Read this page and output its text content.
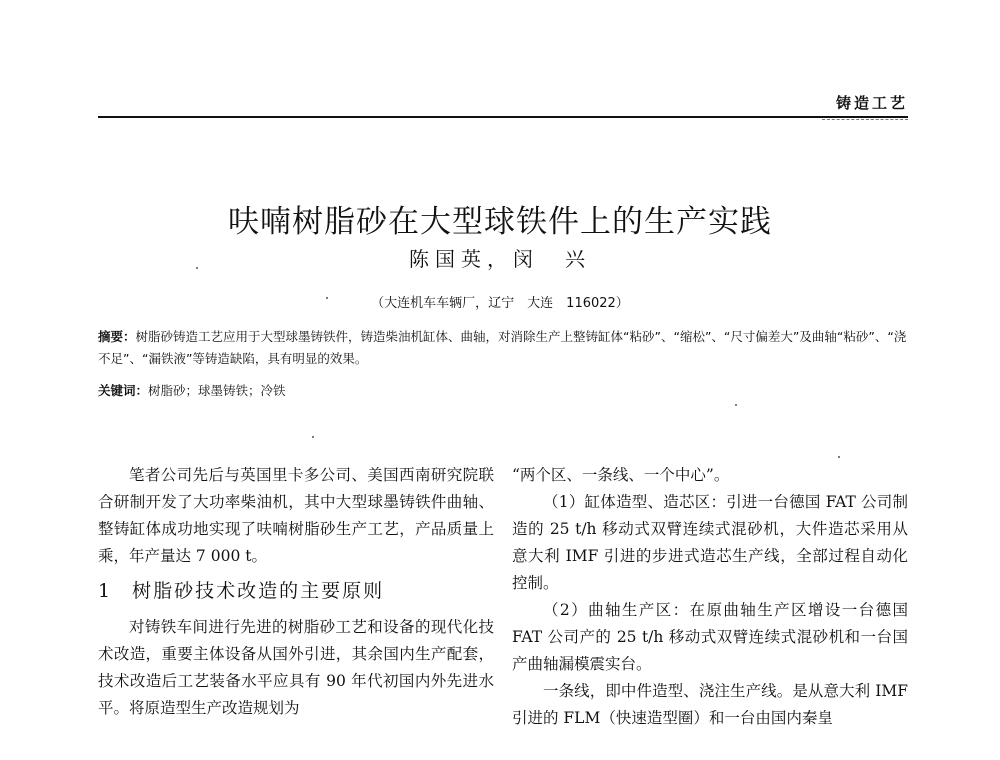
铸造工艺
呋喃树脂砂在大型球铁件上的生产实践
陈国英，闵　兴
（大连机车车辆厂，辽宁　大连　116022）
摘要：树脂砂铸造工艺应用于大型球墨铸铁件，铸造柴油机缸体、曲轴，对消除生产上整铸缸体“粘砂”、“缩松”、“尺寸偏差大”及曲轴“粘砂”、“浇不足”、“漏铁液”等铸造缺陷，具有明显的效果。
关键词：树脂砂；球墨铸铁；冷铁

笔者公司先后与英国里卡多公司、美国西南研究院联合研制开发了大功率柴油机，其中大型球墨铸铁件曲轴、整铸缸体成功地实现了呋喃树脂砂生产工艺，产品质量上乘，年产量达 7 000 t。

1 树脂砂技术改造的主要原则

对铸铁车间进行先进的树脂砂工艺和设备的现代化技术改造，重要主体设备从国外引进，其余国内生产配套，技术改造后工艺装备水平应具有 90 年代初国内外先进水平。将原造型生产改造规划为

“两个区、一条线、一个中心”。

（1）缸体造型、造芯区：引进一台德国 FAT 公司制造的 25 t/h 移动式双臂连续式混砂机，大件造芯采用从意大利 IMF 引进的步进式造芯生产线，全部过程自动化控制。

（2）曲轴生产区：在原曲轴生产区增设一台德国 FAT 公司产的 25 t/h 移动式双臂连续式混砂机和一台国产曲轴漏模震实台。

一条线，即中件造型、浇注生产线。是从意大利 IMF 引进的 FLM（快速造型圈）和一台由国内秦皇
